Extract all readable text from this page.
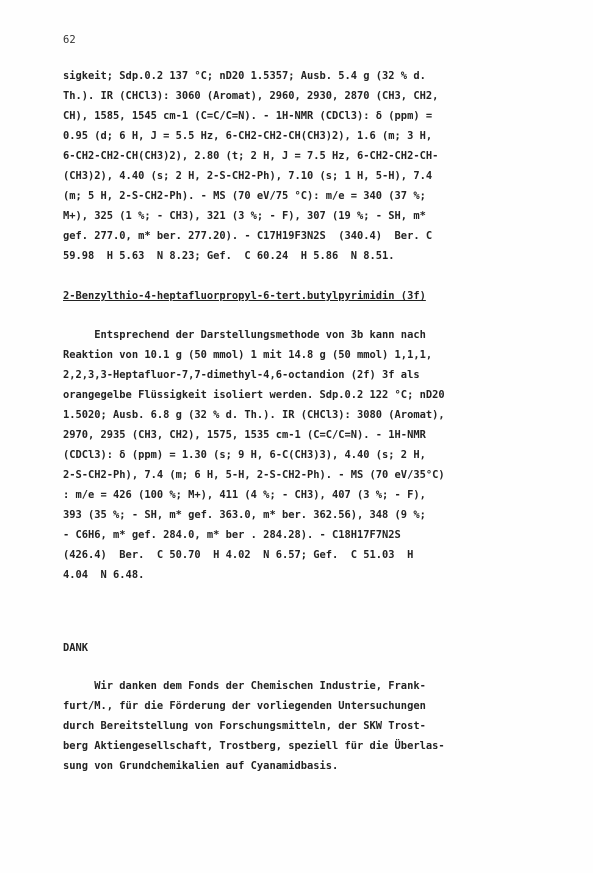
62
sigkeit; Sdp.0.2 137 °C; nD20 1.5357; Ausb. 5.4 g (32 % d.
Th.). IR (CHCl3): 3060 (Aromat), 2960, 2930, 2870 (CH3, CH2,
CH), 1585, 1545 cm-1 (C=C/C=N). - 1H-NMR (CDCl3): δ (ppm) =
0.95 (d; 6 H, J = 5.5 Hz, 6-CH2-CH2-CH(CH3)2), 1.6 (m; 3 H,
6-CH2-CH2-CH(CH3)2), 2.80 (t; 2 H, J = 7.5 Hz, 6-CH2-CH2-CH-
(CH3)2), 4.40 (s; 2 H, 2-S-CH2-Ph), 7.10 (s; 1 H, 5-H), 7.4
(m; 5 H, 2-S-CH2-Ph). - MS (70 eV/75 °C): m/e = 340 (37 %;
M+), 325 (1 %; - CH3), 321 (3 %; - F), 307 (19 %; - SH, m*
gef. 277.0, m* ber. 277.20). - C17H19F3N2S  (340.4)  Ber. C
59.98  H 5.63  N 8.23; Gef.  C 60.24  H 5.86  N 8.51.
2-Benzylthio-4-heptafluorpropyl-6-tert.butylpyrimidin (3f)
Entsprechend der Darstellungsmethode von 3b kann nach
Reaktion von 10.1 g (50 mmol) 1 mit 14.8 g (50 mmol) 1,1,1,
2,2,3,3-Heptafluor-7,7-dimethyl-4,6-octandion (2f) 3f als
orangegelbe Flüssigkeit isoliert werden. Sdp.0.2 122 °C; nD20
1.5020; Ausb. 6.8 g (32 % d. Th.). IR (CHCl3): 3080 (Aromat),
2970, 2935 (CH3, CH2), 1575, 1535 cm-1 (C=C/C=N). - 1H-NMR
(CDCl3): δ (ppm) = 1.30 (s; 9 H, 6-C(CH3)3), 4.40 (s; 2 H,
2-S-CH2-Ph), 7.4 (m; 6 H, 5-H, 2-S-CH2-Ph). - MS (70 eV/35°C)
: m/e = 426 (100 %; M+), 411 (4 %; - CH3), 407 (3 %; - F),
393 (35 %; - SH, m* gef. 363.0, m* ber. 362.56), 348 (9 %;
- C6H6, m* gef. 284.0, m* ber . 284.28). - C18H17F7N2S
(426.4)  Ber.  C 50.70  H 4.02  N 6.57; Gef.  C 51.03  H
4.04  N 6.48.
DANK
Wir danken dem Fonds der Chemischen Industrie, Frank-
furt/M., für die Förderung der vorliegenden Untersuchungen
durch Bereitstellung von Forschungsmitteln, der SKW Trost-
berg Aktiengesellschaft, Trostberg, speziell für die Überlas-
sung von Grundchemikalien auf Cyanamidbasis.
